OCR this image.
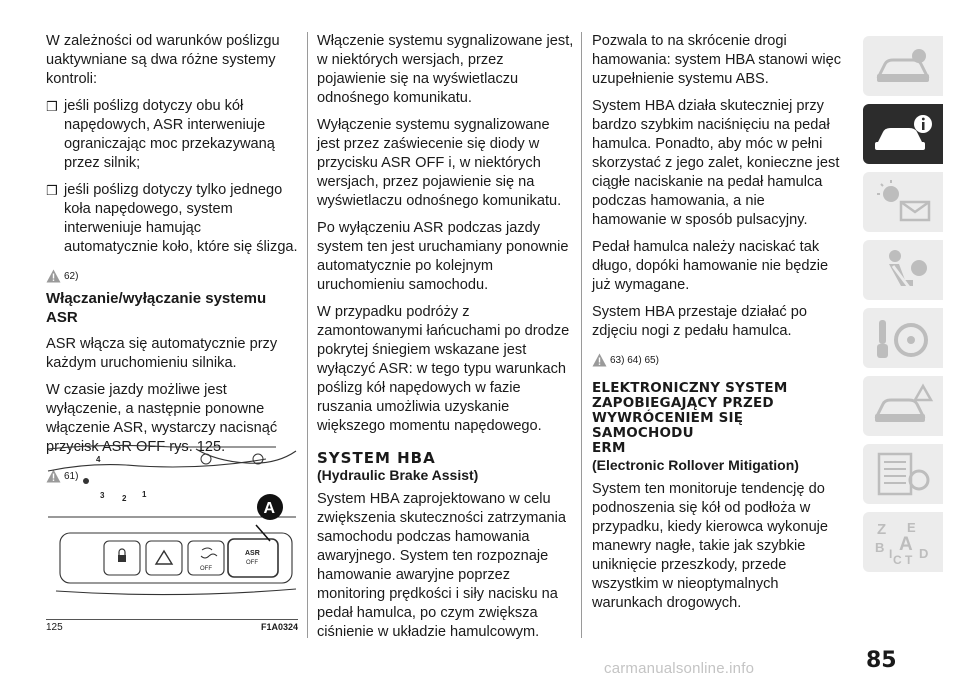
W zależności od warunków poślizgu uaktywniane są dwa różne systemy kontroli:

❒ jeśli poślizg dotyczy obu kół napędowych, ASR interweniuje ograniczając moc przekazywaną przez silnik;
❒ jeśli poślizg dotyczy tylko jednego koła napędowego, system interweniuje hamując automatycznie koło, które się ślizga.
62)
Włączanie/wyłączanie systemu ASR

ASR włącza się automatycznie przy każdym uruchomieniu silnika.

W czasie jazdy możliwe jest wyłączenie, a następnie ponowne włączenie ASR, wystarczy nacisnąć przycisk ASR OFF rys. 125.

61)
4
3 2 1
OFF
ASR
OFF
A
125	F1A0324

Włączenie systemu sygnalizowane jest, w niektórych wersjach, przez pojawienie się na wyświetlaczu odnośnego komunikatu.

Wyłączenie systemu sygnalizowane jest przez zaświecenie się diody w przycisku ASR OFF i, w niektórych wersjach, przez pojawienie się na wyświetlaczu odnośnego komunikatu.

Po wyłączeniu ASR podczas jazdy system ten jest uruchamiany ponownie automatycznie po kolejnym uruchomieniu samochodu.

W przypadku podróży z zamontowanymi łańcuchami po drodze pokrytej śniegiem wskazane jest wyłączyć ASR: w tego typu warunkach poślizg kół napędowych w fazie ruszania umożliwia uzyskanie większego momentu napędowego.

SYSTEM HBA
(Hydraulic Brake Assist)

System HBA zaprojektowano w celu zwiększenia skuteczności zatrzymania samochodu podczas hamowania awaryjnego. System ten rozpoznaje hamowanie awaryjne poprzez monitoring prędkości i siły nacisku na pedał hamulca, po czym zwiększa ciśnienie w układzie hamulcowym.

Pozwala to na skrócenie drogi hamowania: system HBA stanowi więc uzupełnienie systemu ABS.

System HBA działa skuteczniej przy bardzo szybkim naciśnięciu na pedał hamulca. Ponadto, aby móc w pełni skorzystać z jego zalet, konieczne jest ciągłe naciskanie na pedał hamulca podczas hamowania, a nie hamowanie w sposób pulsacyjny.

Pedał hamulca należy naciskać tak długo, dopóki hamowanie nie będzie już wymagane.

System HBA przestaje działać po zdjęciu nogi z pedału hamulca.

63) 64) 65)
ELEKTRONICZNY SYSTEM
ZAPOBIEGAJĄCY PRZED
WYWRÓCENIEM SIĘ SAMOCHODU
ERM
(Electronic Rollover Mitigation)

System ten monitoruje tendencję do podnoszenia się kół od podłoża w przypadku, kiedy kierowca wykonuje manewry nagłe, takie jak szybkie uniknięcie przeszkody, przede wszystkim w nieoptymalnych warunkach drogowych.

Z E
B A
I C T D
85
carmanualsonline.info
